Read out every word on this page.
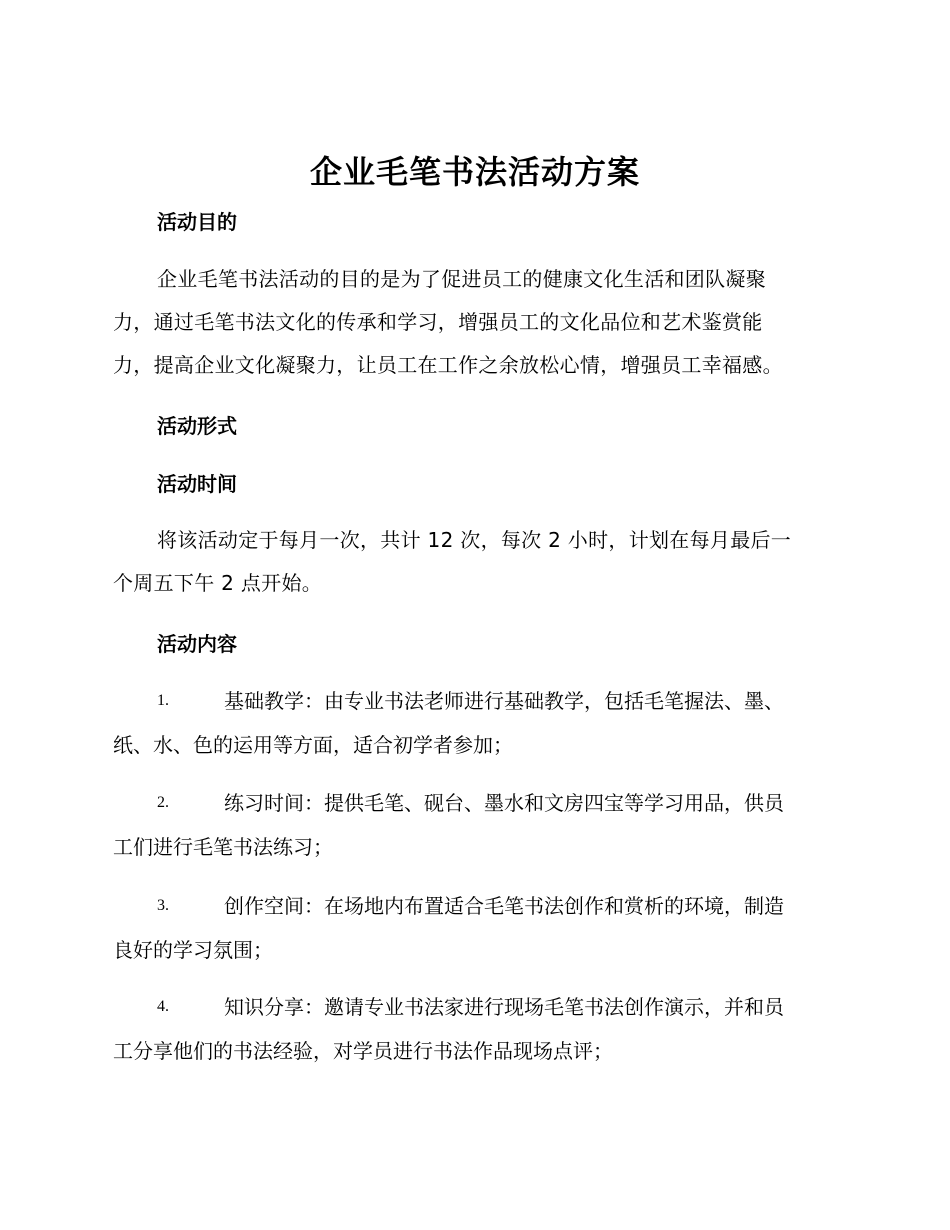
企业毛笔书法活动方案
活动目的
企业毛笔书法活动的目的是为了促进员工的健康文化生活和团队凝聚
力，通过毛笔书法文化的传承和学习，增强员工的文化品位和艺术鉴赏能
力，提高企业文化凝聚力，让员工在工作之余放松心情，增强员工幸福感。
活动形式
活动时间
将该活动定于每月一次，共计 12 次，每次 2 小时，计划在每月最后一
个周五下午 2 点开始。
活动内容
1.	基础教学：由专业书法老师进行基础教学，包括毛笔握法、墨、
纸、水、色的运用等方面，适合初学者参加；
2.	练习时间：提供毛笔、砚台、墨水和文房四宝等学习用品，供员
工们进行毛笔书法练习；
3.	创作空间：在场地内布置适合毛笔书法创作和赏析的环境，制造
良好的学习氛围；
4.	知识分享：邀请专业书法家进行现场毛笔书法创作演示，并和员
工分享他们的书法经验，对学员进行书法作品现场点评；
